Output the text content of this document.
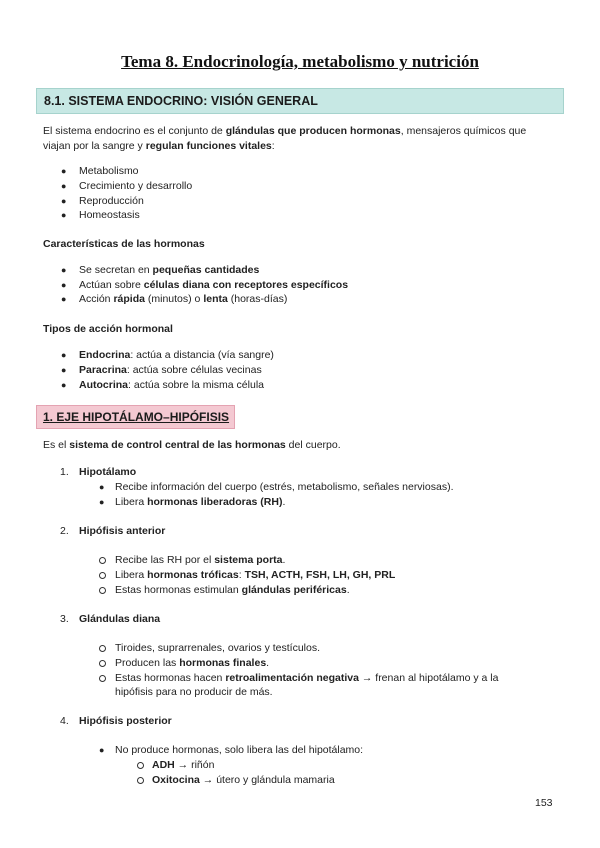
Tema 8. Endocrinología, metabolismo y nutrición
8.1. SISTEMA ENDOCRINO: VISIÓN GENERAL
El sistema endocrino es el conjunto de glándulas que producen hormonas, mensajeros químicos que
viajan por la sangre y regulan funciones vitales:
● Metabolismo
● Crecimiento y desarrollo
● Reproducción
● Homeostasis
Características de las hormonas
● Se secretan en pequeñas cantidades
● Actúan sobre células diana con receptores específicos
● Acción rápida (minutos) o lenta (horas-días)
Tipos de acción hormonal
● Endocrina: actúa a distancia (vía sangre)
● Paracrina: actúa sobre células vecinas
● Autocrina: actúa sobre la misma célula
1. EJE HIPOTÁLAMO–HIPÓFISIS
Es el sistema de control central de las hormonas del cuerpo.
1. Hipotálamo
● Recibe información del cuerpo (estrés, metabolismo, señales nerviosas).
● Libera hormonas liberadoras (RH).
2. Hipófisis anterior
Recibe las RH por el sistema porta.
Libera hormonas tróficas: TSH, ACTH, FSH, LH, GH, PRL
Estas hormonas estimulan glándulas periféricas.
3. Glándulas diana
Tiroides, suprarrenales, ovarios y testículos.
Producen las hormonas finales.
Estas hormonas hacen retroalimentación negativa → frenan al hipotálamo y a la
hipófisis para no producir de más.
4. Hipófisis posterior
● No produce hormonas, solo libera las del hipotálamo:
ADH → riñón
Oxitocina → útero y glándula mamaria
153
